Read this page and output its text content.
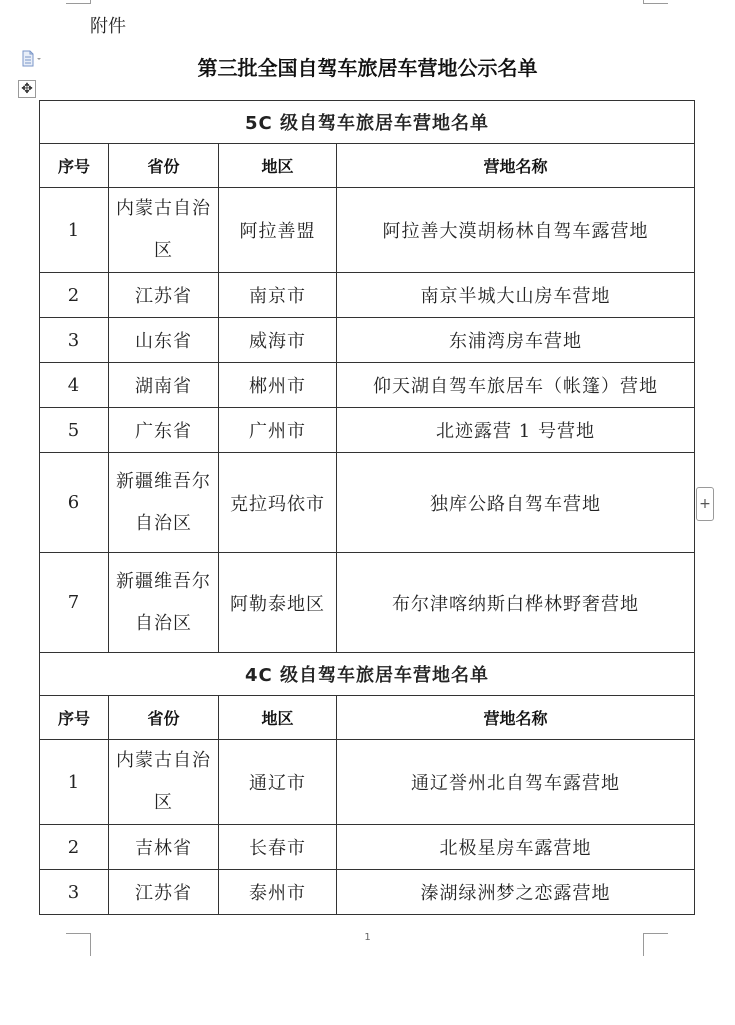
附件
✥
第三批全国自驾车旅居车营地公示名单
5C 级自驾车旅居车营地名单			
序号	省份	地区	营地名称
1	内蒙古自治区	阿拉善盟	阿拉善大漠胡杨林自驾车露营地
2	江苏省	南京市	南京半城大山房车营地
3	山东省	威海市	东浦湾房车营地
4	湖南省	郴州市	仰天湖自驾车旅居车（帐篷）营地
5	广东省	广州市	北迹露营 1 号营地
6	新疆维吾尔自治区	克拉玛依市	独库公路自驾车营地
7	新疆维吾尔自治区	阿勒泰地区	布尔津喀纳斯白桦林野奢营地
4C 级自驾车旅居车营地名单			
序号	省份	地区	营地名称
1	内蒙古自治区	通辽市	通辽誉州北自驾车露营地
2	吉林省	长春市	北极星房车露营地
3	江苏省	泰州市	溱湖绿洲梦之恋露营地
+
1
